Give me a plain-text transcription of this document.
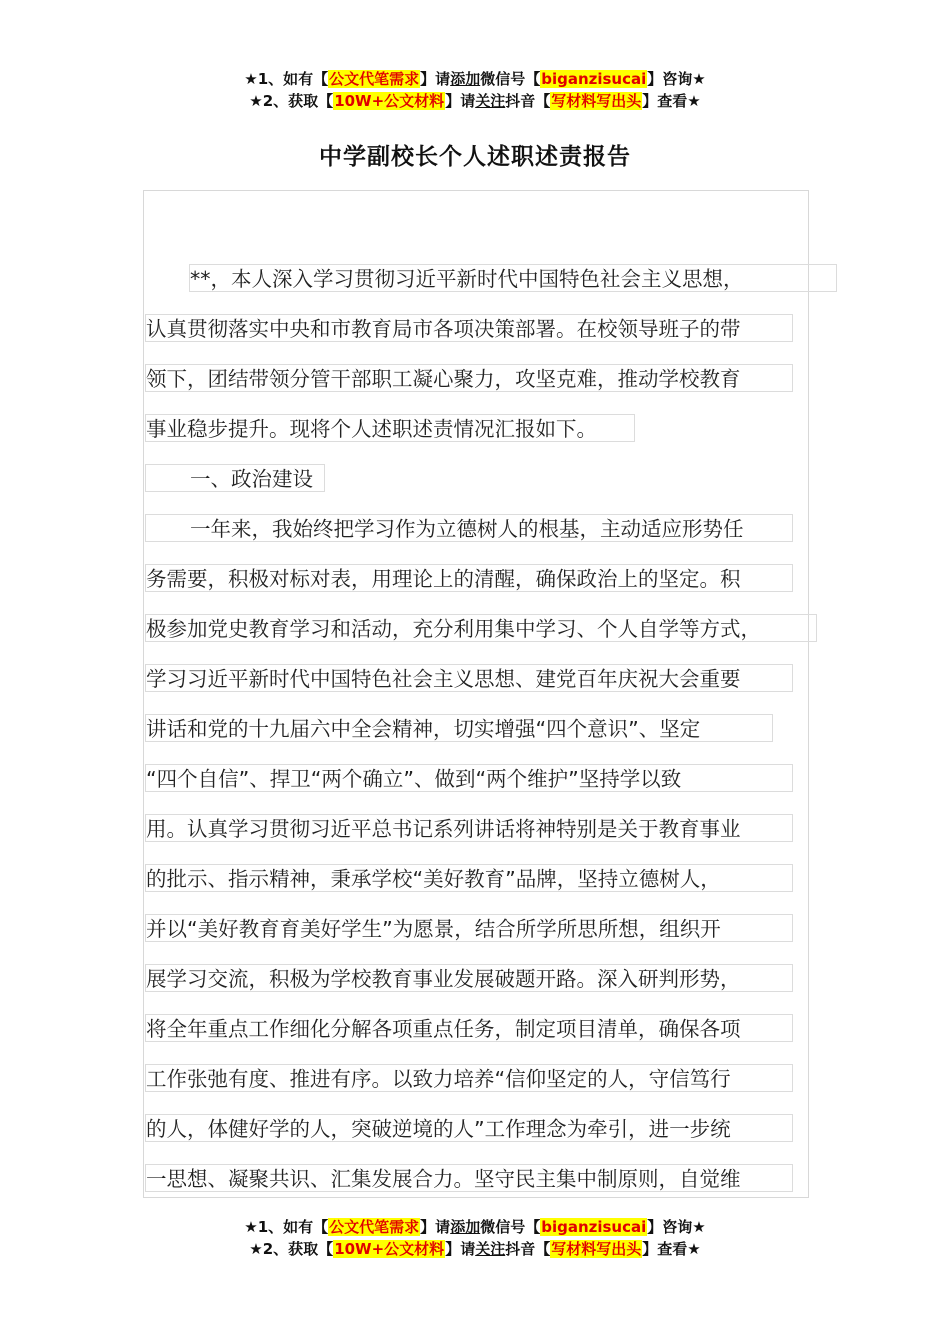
★1、如有【公文代笔需求】请添加微信号【biganzisucai】咨询★
★2、获取【10W+公文材料】请关注抖音【写材料写出头】查看★
中学副校长个人述职述责报告
**，本人深入学习贯彻习近平新时代中国特色社会主义思想，
认真贯彻落实中央和市教育局市各项决策部署。在校领导班子的带
领下，团结带领分管干部职工凝心聚力，攻坚克难，推动学校教育
事业稳步提升。现将个人述职述责情况汇报如下。
一、政治建设
一年来，我始终把学习作为立德树人的根基，主动适应形势任
务需要，积极对标对表，用理论上的清醒，确保政治上的坚定。积
极参加党史教育学习和活动，充分利用集中学习、个人自学等方式，
学习习近平新时代中国特色社会主义思想、建党百年庆祝大会重要
讲话和党的十九届六中全会精神，切实增强“四个意识”、坚定
“四个自信”、捍卫“两个确立”、做到“两个维护”坚持学以致
用。认真学习贯彻习近平总书记系列讲话将神特别是关于教育事业
的批示、指示精神，秉承学校“美好教育”品牌，坚持立德树人，
并以“美好教育育美好学生”为愿景，结合所学所思所想，组织开
展学习交流，积极为学校教育事业发展破题开路。深入研判形势，
将全年重点工作细化分解各项重点任务，制定项目清单，确保各项
工作张弛有度、推进有序。以致力培养“信仰坚定的人，守信笃行
的人，体健好学的人，突破逆境的人”工作理念为牵引，进一步统
一思想、凝聚共识、汇集发展合力。坚守民主集中制原则，自觉维
★1、如有【公文代笔需求】请添加微信号【biganzisucai】咨询★
★2、获取【10W+公文材料】请关注抖音【写材料写出头】查看★
